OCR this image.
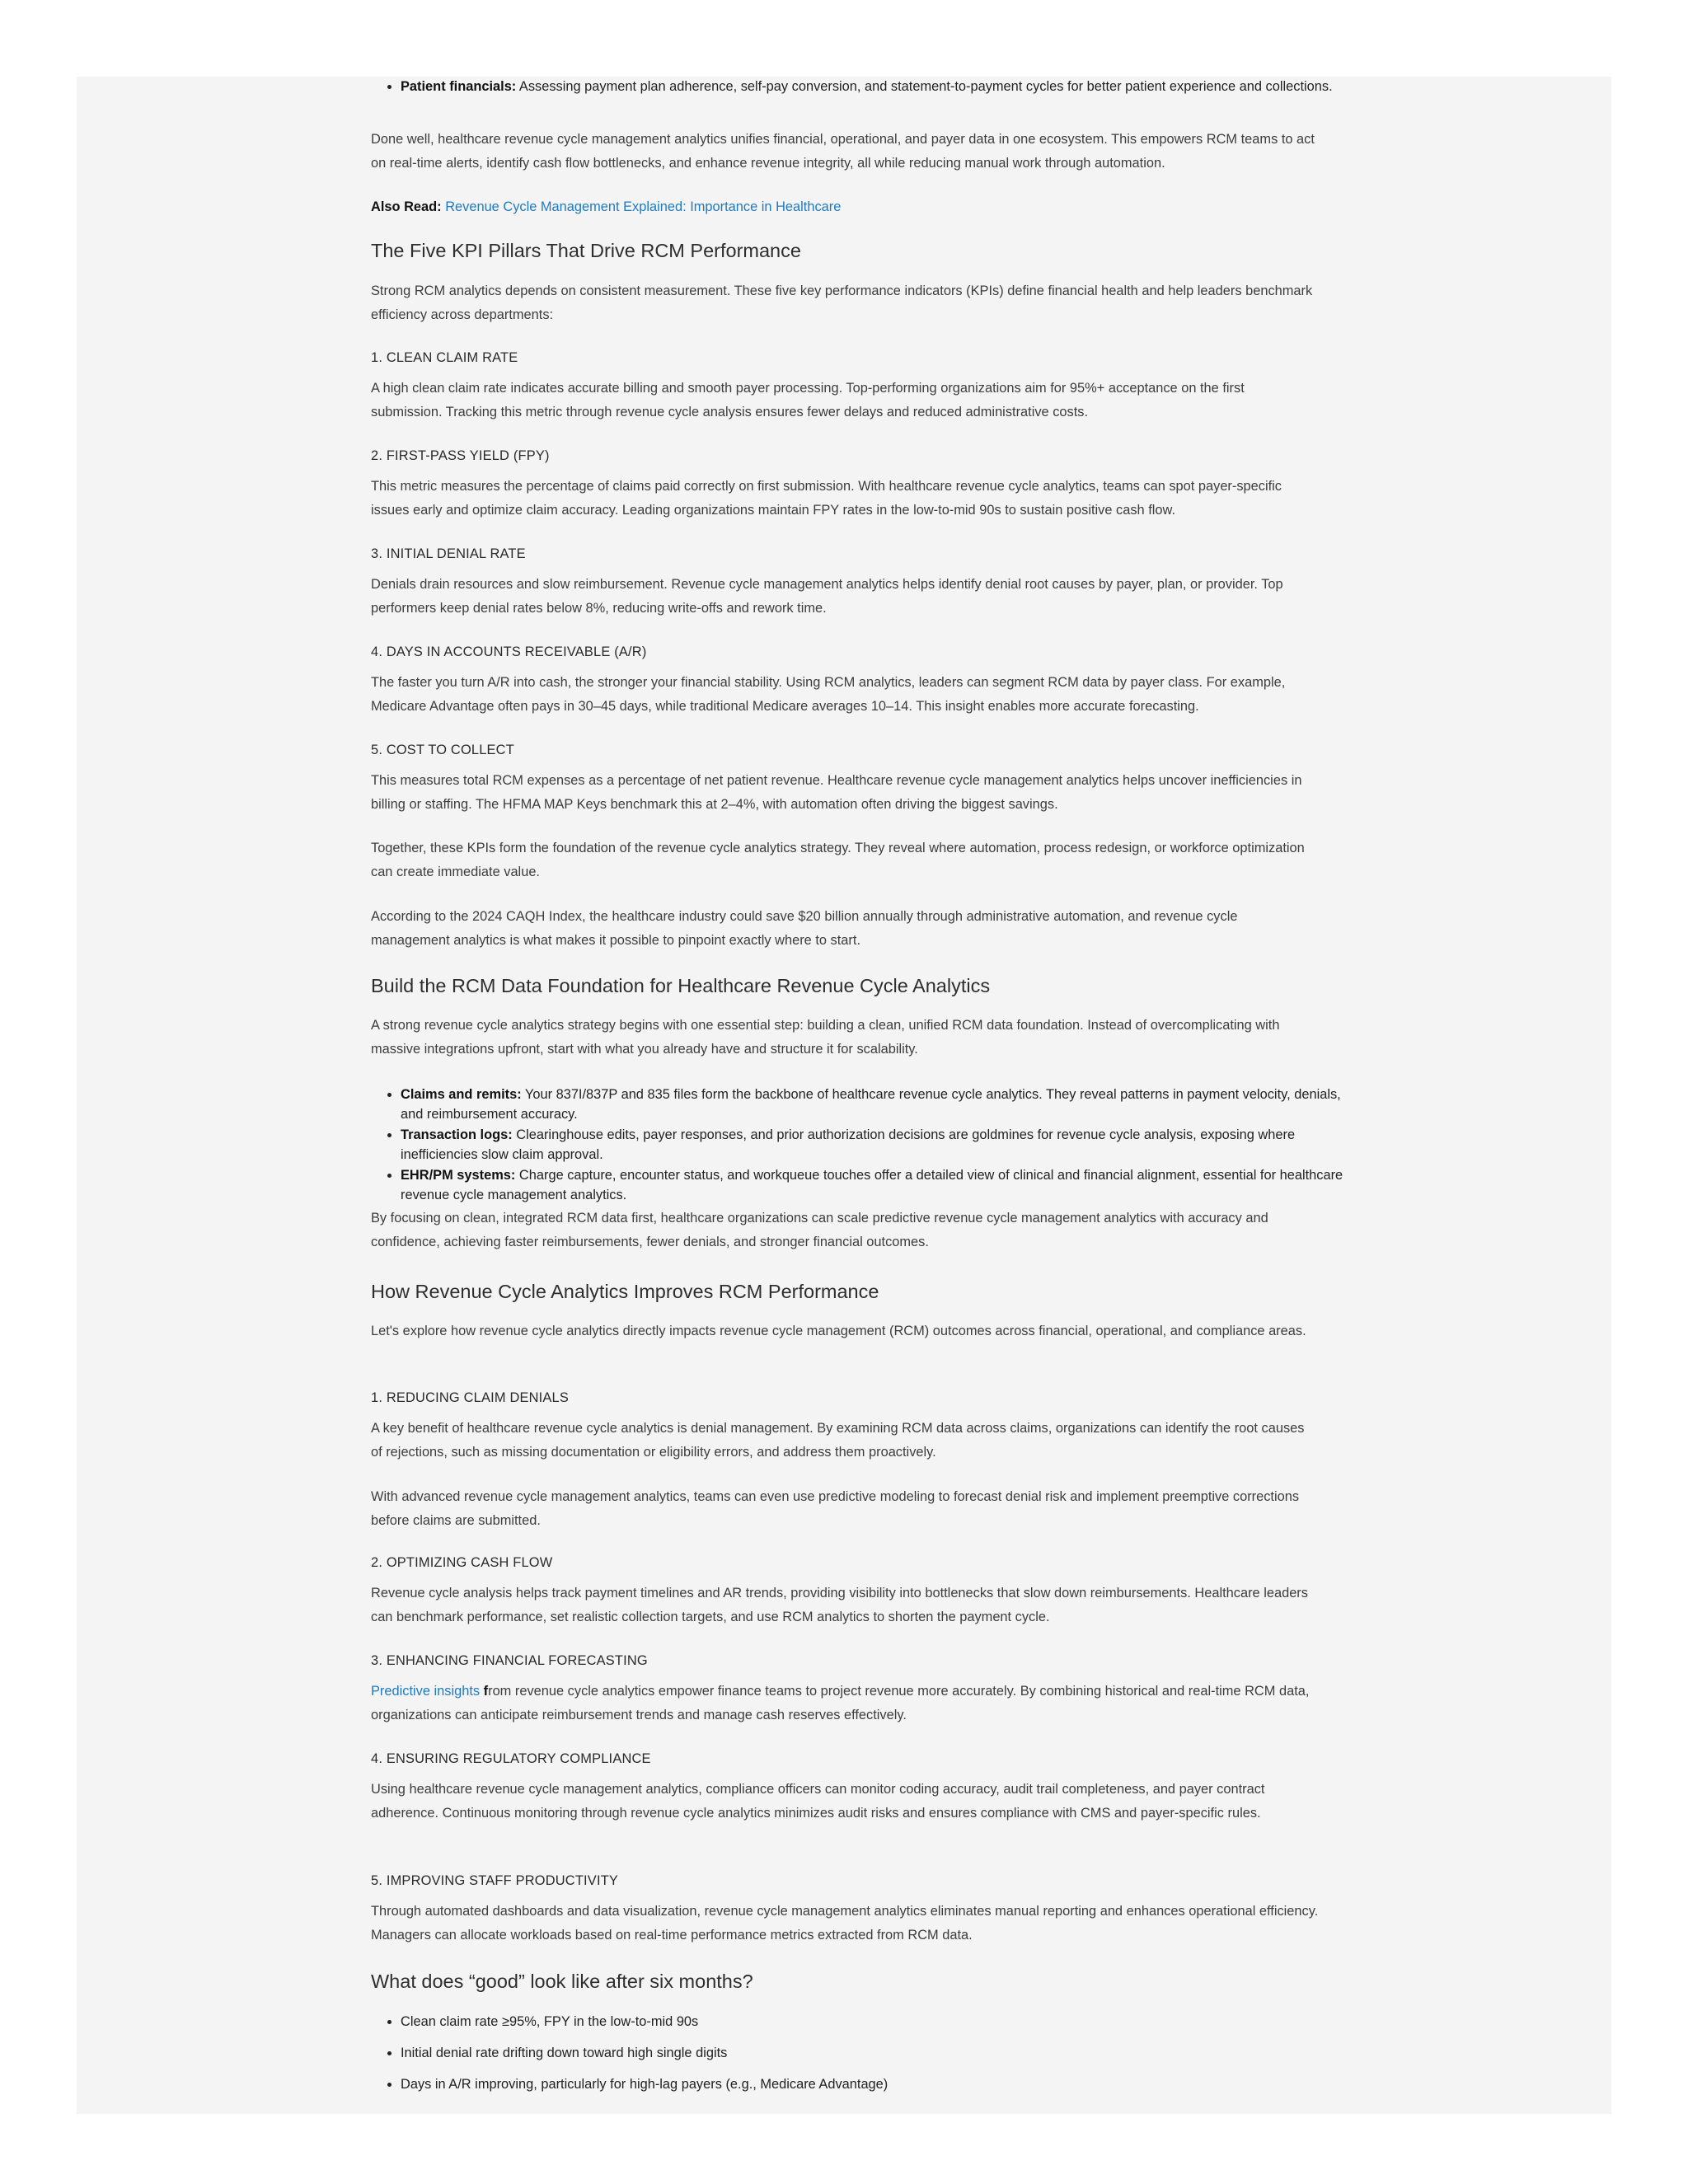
• Patient financials: Assessing payment plan adherence, self-pay conversion, and statement-to-payment cycles for better patient experience and collections.

Done well, healthcare revenue cycle management analytics unifies financial, operational, and payer data in one ecosystem. This empowers RCM teams to act on real-time alerts, identify cash flow bottlenecks, and enhance revenue integrity, all while reducing manual work through automation.

Also Read: Revenue Cycle Management Explained: Importance in Healthcare

The Five KPI Pillars That Drive RCM Performance

Strong RCM analytics depends on consistent measurement. These five key performance indicators (KPIs) define financial health and help leaders benchmark efficiency across departments:

1. CLEAN CLAIM RATE

A high clean claim rate indicates accurate billing and smooth payer processing. Top-performing organizations aim for 95%+ acceptance on the first submission. Tracking this metric through revenue cycle analysis ensures fewer delays and reduced administrative costs.

2. FIRST-PASS YIELD (FPY)

This metric measures the percentage of claims paid correctly on first submission. With healthcare revenue cycle analytics, teams can spot payer-specific issues early and optimize claim accuracy. Leading organizations maintain FPY rates in the low-to-mid 90s to sustain positive cash flow.

3. INITIAL DENIAL RATE

Denials drain resources and slow reimbursement. Revenue cycle management analytics helps identify denial root causes by payer, plan, or provider. Top performers keep denial rates below 8%, reducing write-offs and rework time.

4. DAYS IN ACCOUNTS RECEIVABLE (A/R)

The faster you turn A/R into cash, the stronger your financial stability. Using RCM analytics, leaders can segment RCM data by payer class. For example, Medicare Advantage often pays in 30–45 days, while traditional Medicare averages 10–14. This insight enables more accurate forecasting.

5. COST TO COLLECT

This measures total RCM expenses as a percentage of net patient revenue. Healthcare revenue cycle management analytics helps uncover inefficiencies in billing or staffing. The HFMA MAP Keys benchmark this at 2–4%, with automation often driving the biggest savings.

Together, these KPIs form the foundation of the revenue cycle analytics strategy. They reveal where automation, process redesign, or workforce optimization can create immediate value.

According to the 2024 CAQH Index, the healthcare industry could save $20 billion annually through administrative automation, and revenue cycle management analytics is what makes it possible to pinpoint exactly where to start.

Build the RCM Data Foundation for Healthcare Revenue Cycle Analytics

A strong revenue cycle analytics strategy begins with one essential step: building a clean, unified RCM data foundation. Instead of overcomplicating with massive integrations upfront, start with what you already have and structure it for scalability.

• Claims and remits: Your 837I/837P and 835 files form the backbone of healthcare revenue cycle analytics. They reveal patterns in payment velocity, denials, and reimbursement accuracy.
• Transaction logs: Clearinghouse edits, payer responses, and prior authorization decisions are goldmines for revenue cycle analysis, exposing where inefficiencies slow claim approval.
• EHR/PM systems: Charge capture, encounter status, and workqueue touches offer a detailed view of clinical and financial alignment, essential for healthcare revenue cycle management analytics.

By focusing on clean, integrated RCM data first, healthcare organizations can scale predictive revenue cycle management analytics with accuracy and confidence, achieving faster reimbursements, fewer denials, and stronger financial outcomes.

How Revenue Cycle Analytics Improves RCM Performance

Let's explore how revenue cycle analytics directly impacts revenue cycle management (RCM) outcomes across financial, operational, and compliance areas.

1. REDUCING CLAIM DENIALS

A key benefit of healthcare revenue cycle analytics is denial management. By examining RCM data across claims, organizations can identify the root causes of rejections, such as missing documentation or eligibility errors, and address them proactively.

With advanced revenue cycle management analytics, teams can even use predictive modeling to forecast denial risk and implement preemptive corrections before claims are submitted.

2. OPTIMIZING CASH FLOW

Revenue cycle analysis helps track payment timelines and AR trends, providing visibility into bottlenecks that slow down reimbursements. Healthcare leaders can benchmark performance, set realistic collection targets, and use RCM analytics to shorten the payment cycle.

3. ENHANCING FINANCIAL FORECASTING

Predictive insights from revenue cycle analytics empower finance teams to project revenue more accurately. By combining historical and real-time RCM data, organizations can anticipate reimbursement trends and manage cash reserves effectively.

4. ENSURING REGULATORY COMPLIANCE

Using healthcare revenue cycle management analytics, compliance officers can monitor coding accuracy, audit trail completeness, and payer contract adherence. Continuous monitoring through revenue cycle analytics minimizes audit risks and ensures compliance with CMS and payer-specific rules.

5. IMPROVING STAFF PRODUCTIVITY

Through automated dashboards and data visualization, revenue cycle management analytics eliminates manual reporting and enhances operational efficiency. Managers can allocate workloads based on real-time performance metrics extracted from RCM data.

What does “good” look like after six months?
• Clean claim rate ≥95%, FPY in the low-to-mid 90s
• Initial denial rate drifting down toward high single digits
• Days in A/R improving, particularly for high-lag payers (e.g., Medicare Advantage)
